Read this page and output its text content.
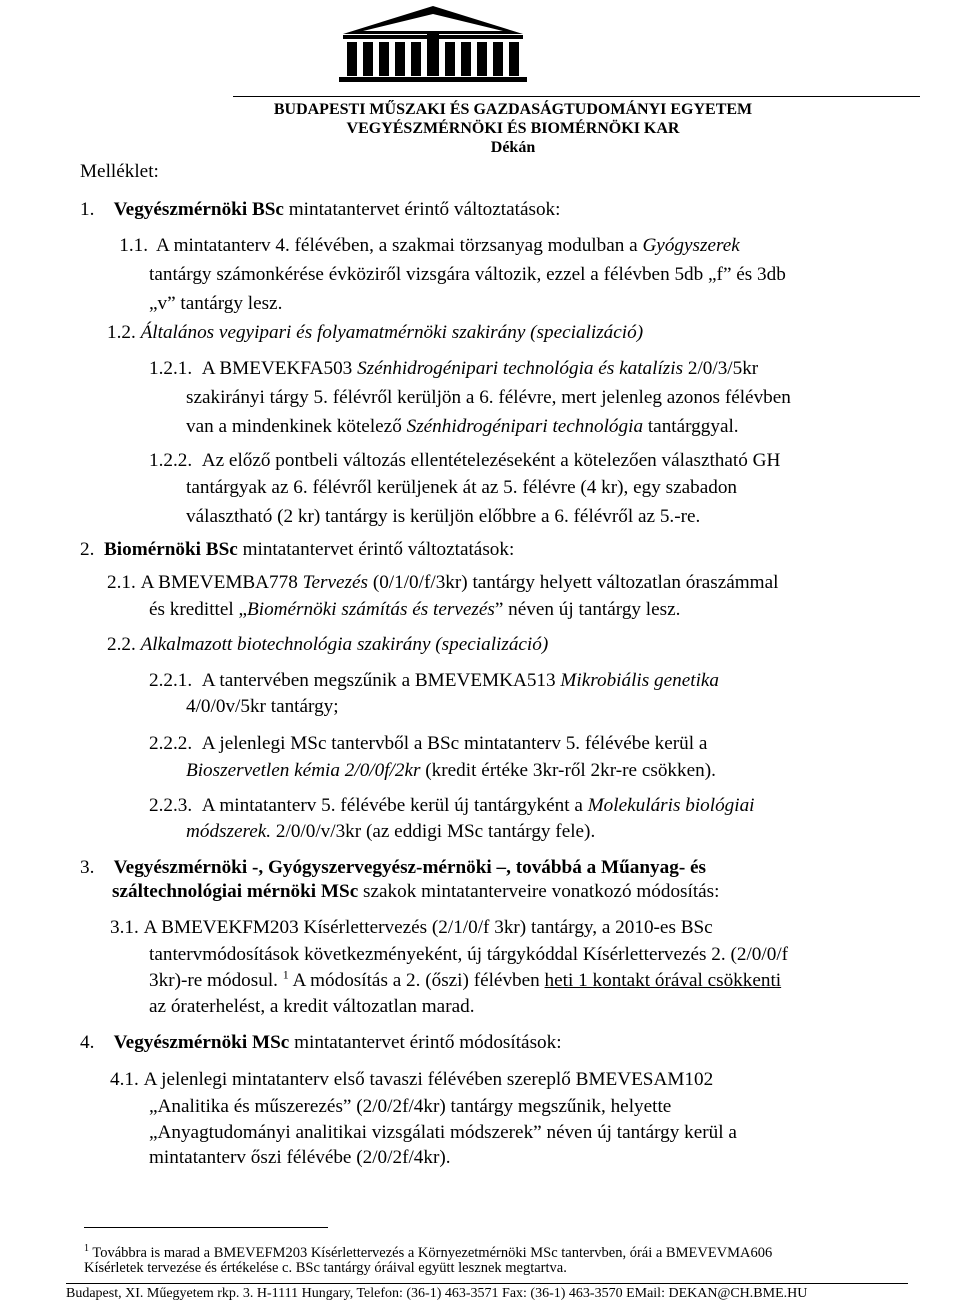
BUDAPESTI MŰSZAKI ÉS GAZDASÁGTUDOMÁNYI EGYETEM
VEGYÉSZMÉRNÖKI ÉS BIOMÉRNÖKI KAR
Dékán
Melléklet:
1. Vegyészmérnöki BSc mintatantervet érintő változtatások:
1.1. A mintatanterv 4. félévében, a szakmai törzsanyag modulban a Gyógyszerek
tantárgy számonkérése évköziről vizsgára változik, ezzel a félévben 5db „f” és 3db
„v” tantárgy lesz.
1.2. Általános vegyipari és folyamatmérnöki szakirány (specializáció)
1.2.1. A BMEVEKFA503 Szénhidrogénipari technológia és katalízis 2/0/3/5kr
szakirányi tárgy 5. félévről kerüljön a 6. félévre, mert jelenleg azonos félévben
van a mindenkinek kötelező Szénhidrogénipari technológia tantárggyal.
1.2.2. Az előző pontbeli változás ellentételezéseként a kötelezően választható GH
tantárgyak az 6. félévről kerüljenek át az 5. félévre (4 kr), egy szabadon
választható (2 kr) tantárgy is kerüljön előbbre a 6. félévről az 5.-re.
2. Biomérnöki BSc mintatantervet érintő változtatások:
2.1. A BMEVEMBA778 Tervezés (0/1/0/f/3kr) tantárgy helyett változatlan óraszámmal
és kredittel „Biomérnöki számítás és tervezés” néven új tantárgy lesz.
2.2. Alkalmazott biotechnológia szakirány (specializáció)
2.2.1. A tantervében megszűnik a BMEVEMKA513 Mikrobiális genetika
4/0/0v/5kr tantárgy;
2.2.2. A jelenlegi MSc tantervből a BSc mintatanterv 5. félévébe kerül a
Bioszervetlen kémia 2/0/0f/2kr (kredit értéke 3kr-ről 2kr-re csökken).
2.2.3. A mintatanterv 5. félévébe kerül új tantárgyként a Molekuláris biológiai
módszerek. 2/0/0/v/3kr (az eddigi MSc tantárgy fele).
3. Vegyészmérnöki -, Gyógyszervegyész-mérnöki –, továbbá a Műanyag- és
száltechnológiai mérnöki MSc szakok mintatanterveire vonatkozó módosítás:
3.1. A BMEVEKFM203 Kísérlettervezés (2/1/0/f 3kr) tantárgy, a 2010-es BSc
tantervmódosítások következményeként, új tárgykóddal Kísérlettervezés 2. (2/0/0/f
3kr)-re módosul. $^1$ A módosítás a 2. (őszi) félévben heti 1 kontakt órával csökkenti
az óraterhelést, a kredit változatlan marad.
4. Vegyészmérnöki MSc mintatantervet érintő módosítások:
4.1. A jelenlegi mintatanterv első tavaszi félévében szereplő BMEVESAM102
„Analitika és műszerezés” (2/0/2f/4kr) tantárgy megszűnik, helyette
„Anyagtudományi analitikai vizsgálati módszerek” néven új tantárgy kerül a
mintatanterv őszi félévébe (2/0/2f/4kr).
$^1$ Továbbra is marad a BMEVEFM203 Kísérlettervezés a Környezetmérnöki MSc tantervben, órái a BMEVEVMA606
Kísérletek tervezése és értékelése c. BSc tantárgy óráival együtt lesznek megtartva.
Budapest, XI. Műegyetem rkp. 3. H-1111 Hungary, Telefon: (36-1) 463-3571 Fax: (36-1) 463-3570 EMail: DEKAN@CH.BME.HU
